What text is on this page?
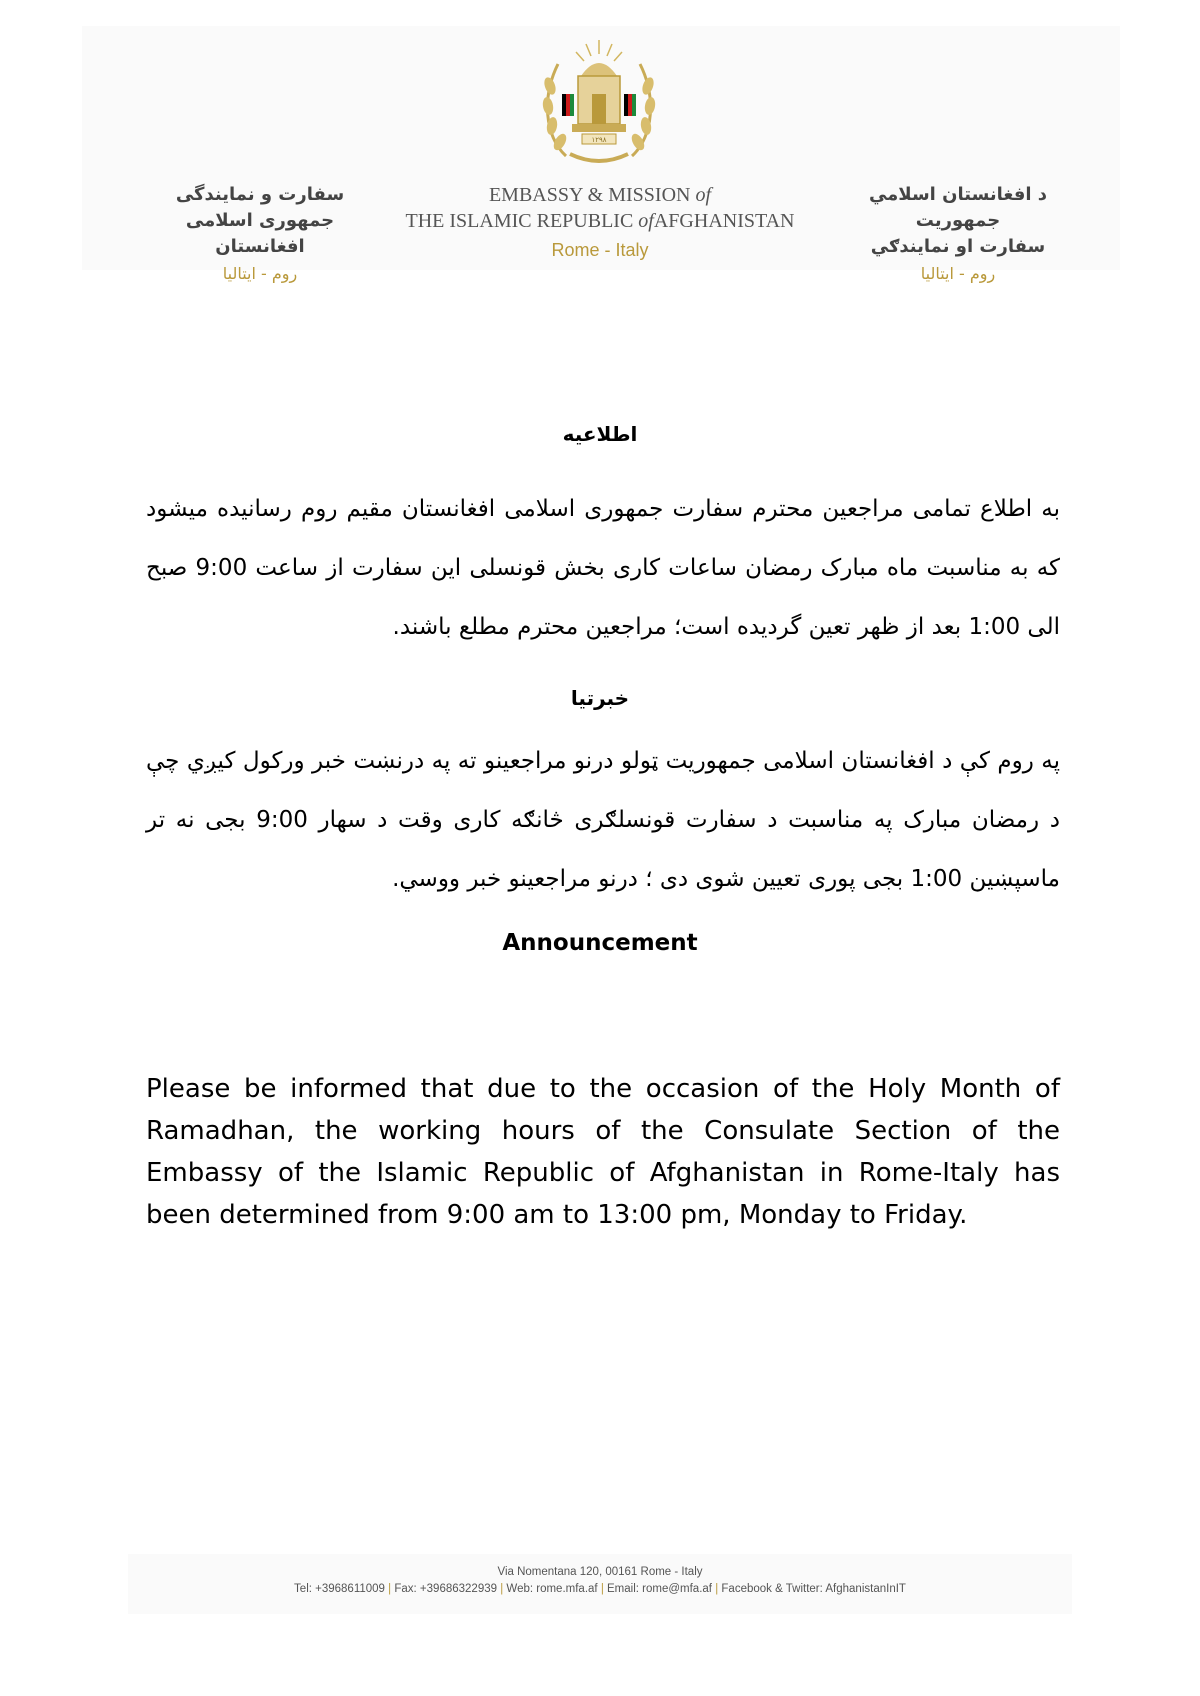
۱۲۹۸
سفارت و نمایندگی
جمهوری اسلامی افغانستان
روم - ایتالیا
EMBASSY & MISSION of
THE ISLAMIC REPUBLIC ofAFGHANISTAN
Rome - Italy
د افغانستان اسلامي جمهوریت
سفارت او نمایندګي
روم - ایتالیا
اطلاعیه
به اطلاع تمامی مراجعین محترم سفارت جمهوری اسلامی افغانستان مقیم روم رسانیده میشود که به مناسبت ماه مبارک رمضان ساعات کاری بخش قونسلی این سفارت از ساعت 9:00 صبح الی 1:00 بعد از ظهر تعین گردیده است؛ مراجعین محترم مطلع باشند.
خبرتیا
په روم کې د افغانستان اسلامی جمهوریت ټولو درنو مراجعینو ته په درنښت خبر ورکول کیږي چې د رمضان مبارک په مناسبت د سفارت قونسلګری څانګه کاری وقت د سهار 9:00 بجی نه تر ماسپښین 1:00 بجی پوری تعیین شوی دی ؛ درنو مراجعینو خبر ووسي.
Announcement
Please be informed that due to the occasion of the Holy Month of Ramadhan, the working hours of the Consulate Section of the Embassy of the Islamic Republic of Afghanistan in Rome-Italy has been determined from 9:00 am to 13:00 pm, Monday to Friday.
Via Nomentana 120, 00161 Rome - Italy
Tel: +3968611009 | Fax: +39686322939 | Web: rome.mfa.af | Email: rome@mfa.af | Facebook & Twitter: AfghanistanInIT
